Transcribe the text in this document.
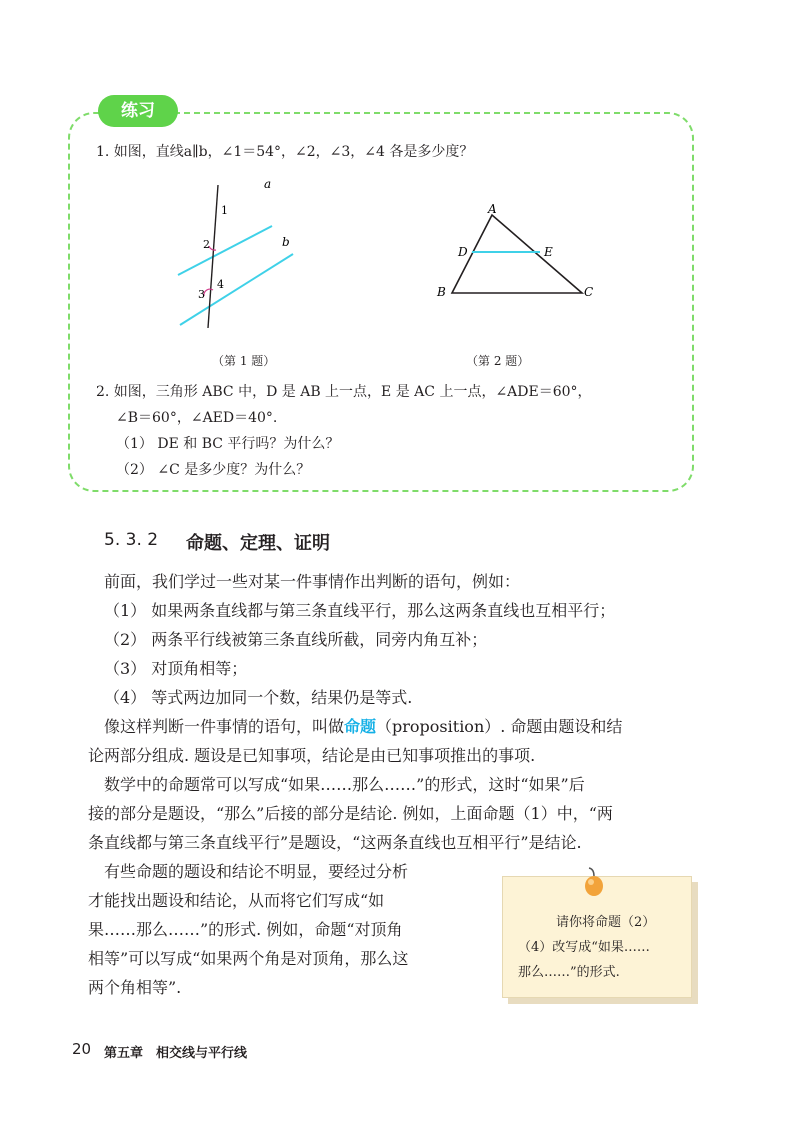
练习
1. 如图，直线a∥b，∠1＝54°，∠2，∠3，∠4 各是多少度？
a
b
1
2
3
4
（第 1 题）
A
B	C
D	E
（第 2 题）
2. 如图，三角形 ABC 中，D 是 AB 上一点，E 是 AC 上一点，∠ADE＝60°，
∠B＝60°，∠AED＝40°.
（1） DE 和 BC 平行吗？为什么？
（2） ∠C 是多少度？为什么？
5. 3. 2 命题、定理、证明
前面，我们学过一些对某一件事情作出判断的语句，例如：
（1） 如果两条直线都与第三条直线平行，那么这两条直线也互相平行；
（2） 两条平行线被第三条直线所截，同旁内角互补；
（3） 对顶角相等；
（4） 等式两边加同一个数，结果仍是等式.
像这样判断一件事情的语句，叫做命题（proposition）. 命题由题设和结
论两部分组成. 题设是已知事项，结论是由已知事项推出的事项.
数学中的命题常可以写成“如果……那么……”的形式，这时“如果”后
接的部分是题设，“那么”后接的部分是结论. 例如，上面命题（1）中，“两
条直线都与第三条直线平行”是题设，“这两条直线也互相平行”是结论.
有些命题的题设和结论不明显，要经过分析
才能找出题设和结论，从而将它们写成“如
果……那么……”的形式. 例如，命题“对顶角
相等”可以写成“如果两个角是对顶角，那么这
两个角相等”.
请你将命题（2）
（4）改写成“如果……
那么……”的形式.
20 第五章　相交线与平行线
